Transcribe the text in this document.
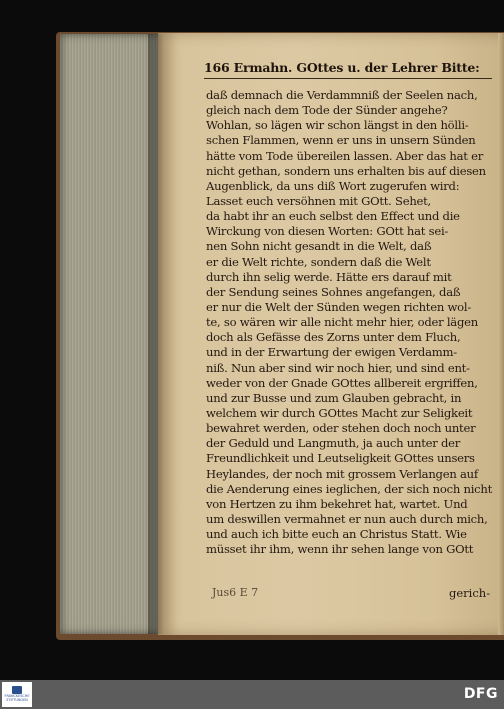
166 Ermahn. GOttes u. der Lehrer Bitte:
daß demnach die Verdammniß der Seelen nach,
gleich nach dem Tode der Sünder angehe?
Wohlan, so lägen wir schon längst in den hölli-
schen Flammen, wenn er uns in unsern Sünden
hätte vom Tode übereilen lassen. Aber das hat er
nicht gethan, sondern uns erhalten bis auf diesen
Augenblick, da uns diß Wort zugerufen wird:
Lasset euch versöhnen mit GOtt. Sehet,
da habt ihr an euch selbst den Effect und die
Wirckung von diesen Worten: GOtt hat sei-
nen Sohn nicht gesandt in die Welt, daß
er die Welt richte, sondern daß die Welt
durch ihn selig werde. Hätte ers darauf mit
der Sendung seines Sohnes angefangen, daß
er nur die Welt der Sünden wegen richten wol-
te, so wären wir alle nicht mehr hier, oder lägen
doch als Gefässe des Zorns unter dem Fluch,
und in der Erwartung der ewigen Verdamm-
niß. Nun aber sind wir noch hier, und sind ent-
weder von der Gnade GOttes allbereit ergriffen,
und zur Busse und zum Glauben gebracht, in
welchem wir durch GOttes Macht zur Seligkeit
bewahret werden, oder stehen doch noch unter
der Geduld und Langmuth, ja auch unter der
Freundlichkeit und Leutseligkeit GOttes unsers
Heylandes, der noch mit grossem Verlangen auf
die Aenderung eines ieglichen, der sich noch nicht
von Hertzen zu ihm bekehret hat, wartet. Und
um deswillen vermahnet er nun auch durch mich,
und auch ich bitte euch an Christus Statt. Wie
müsset ihr ihm, wenn ihr sehen lange von GOtt
Jus6 E 7	gerich-
FRANCKESCHE STIFTUNGEN	DFG
